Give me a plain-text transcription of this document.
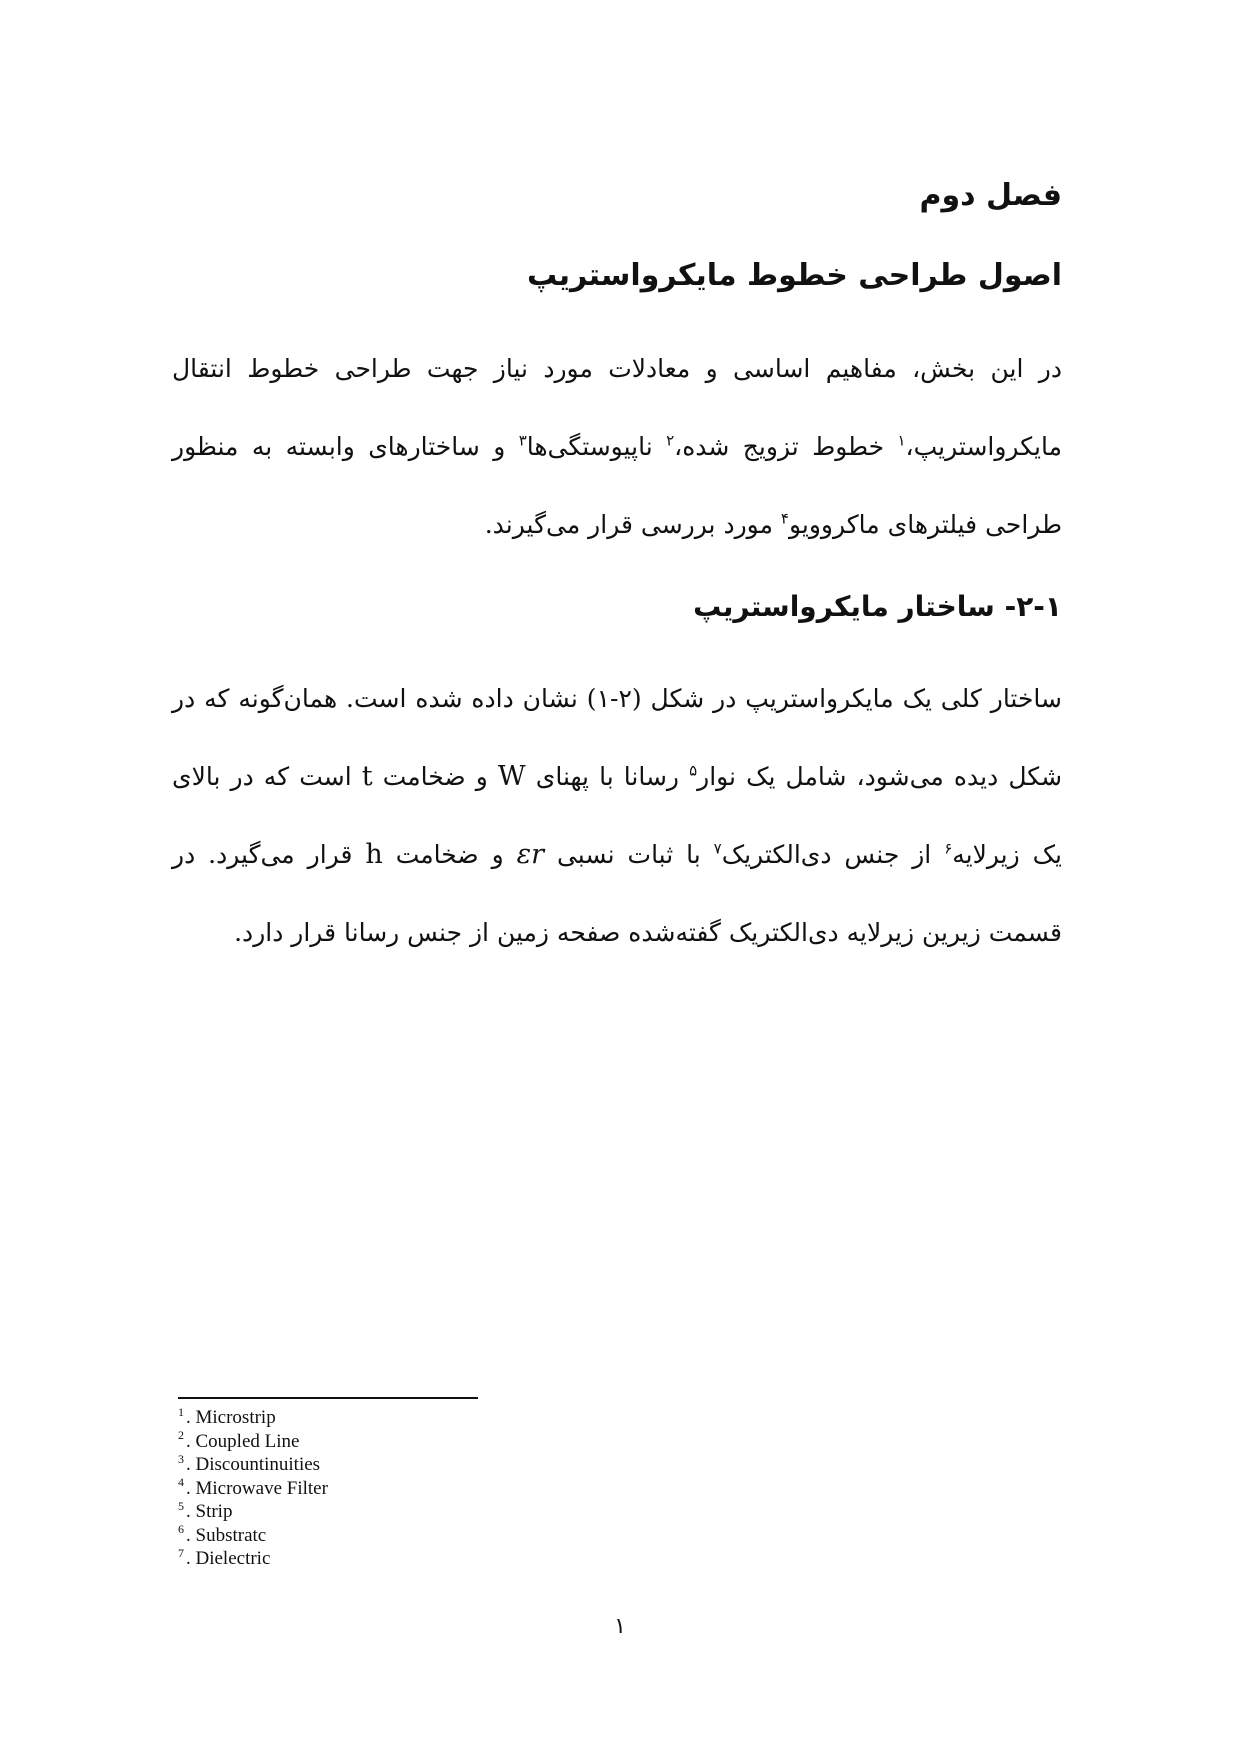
فصل دوم
اصول طراحی خطوط مایکرواستریپ

در این بخش، مفاهیم اساسی و معادلات مورد نیاز جهت طراحی خطوط انتقال مایکرواستریپ،$^۱$ خطوط تزویج شده،$^۲$ ناپیوستگی‌ها$^۳$ و ساختارهای وابسته به منظور طراحی فیلترهای ماکروویو$^۴$ مورد بررسی قرار می‌گیرند.

۲-۱- ساختار مایکرواستریپ

ساختار کلی یک مایکرواستریپ در شکل (۲-۱) نشان داده شده است. همان‌گونه که در شکل دیده می‌شود، شامل یک نوار$^۵$ رسانا با پهنای W و ضخامت t است که در بالای یک زیرلایه$^۶$ از جنس دی‌الکتریک$^۷$ با ثبات نسبی εr و ضخامت h قرار می‌گیرد. در قسمت زیرین زیرلایه دی‌الکتریک گفته‌شده صفحه زمین از جنس رسانا قرار دارد.

$^1$ . Microstrip
$^2$ . Coupled Line
$^3$ . Discountinuities
$^4$ . Microwave Filter
$^5$ . Strip
$^6$ . Substratc
$^7$ . Dielectric
۱
